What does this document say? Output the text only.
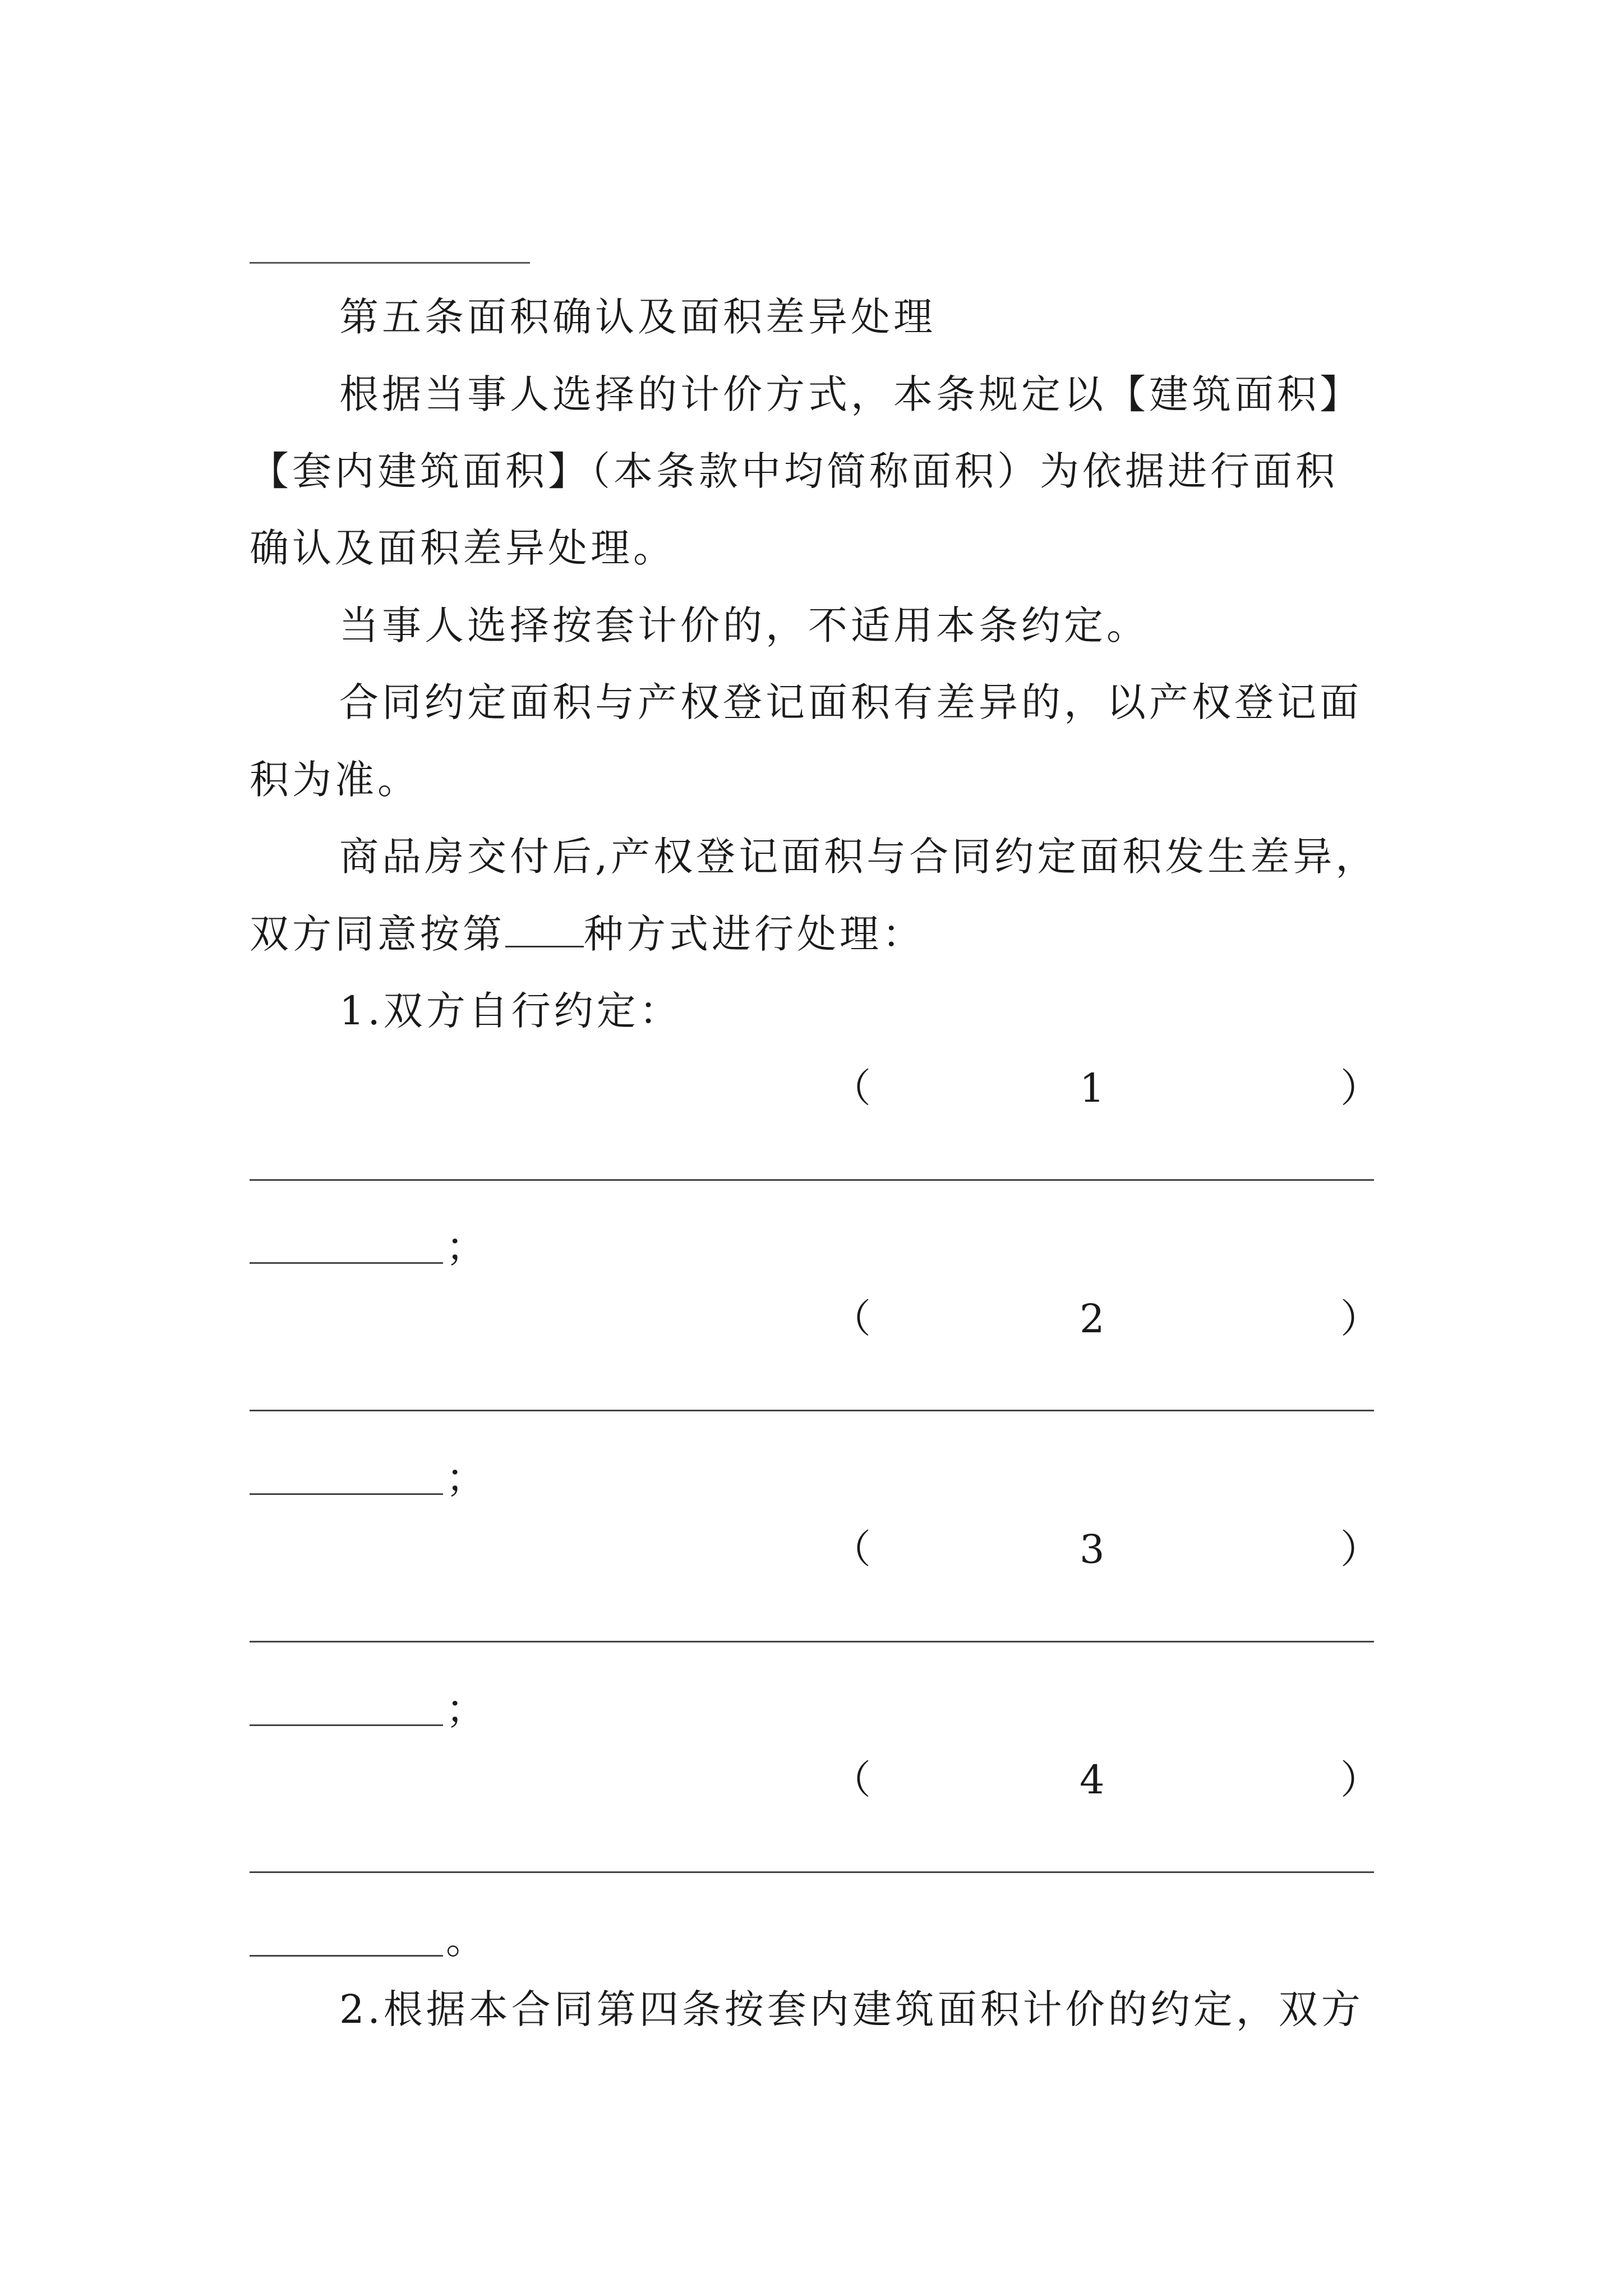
第五条面积确认及面积差异处理
根据当事人选择的计价方式，本条规定以【建筑面积】
【套内建筑面积】（本条款中均简称面积）为依据进行面积
确认及面积差异处理。
当事人选择按套计价的，不适用本条约定。
合同约定面积与产权登记面积有差异的，以产权登记面
积为准。
商品房交付后,产权登记面积与合同约定面积发生差异，
双方同意按第 种方式进行处理：
1.双方自行约定：
（	1	）
；
（	2	）
；
（	3	）
；
（	4	）
。
2.根据本合同第四条按套内建筑面积计价的约定，双方
